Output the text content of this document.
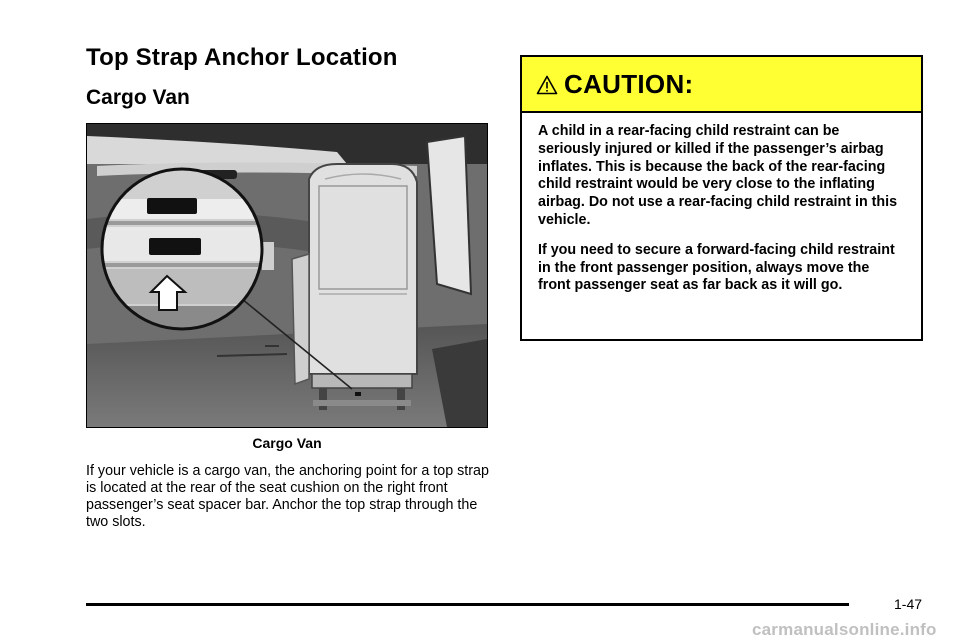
Top Strap Anchor Location
Cargo Van
Cargo Van

If your vehicle is a cargo van, the anchoring point for a top strap is located at the rear of the seat cushion on the right front passenger’s seat spacer bar. Anchor the top strap through the two slots.

CAUTION:

A child in a rear-facing child restraint can be seriously injured or killed if the passenger’s airbag inflates. This is because the back of the rear-facing child restraint would be very close to the inflating airbag. Do not use a rear-facing child restraint in this vehicle.

If you need to secure a forward-facing child restraint in the front passenger position, always move the front passenger seat as far back as it will go.

1-47
carmanualsonline.info
